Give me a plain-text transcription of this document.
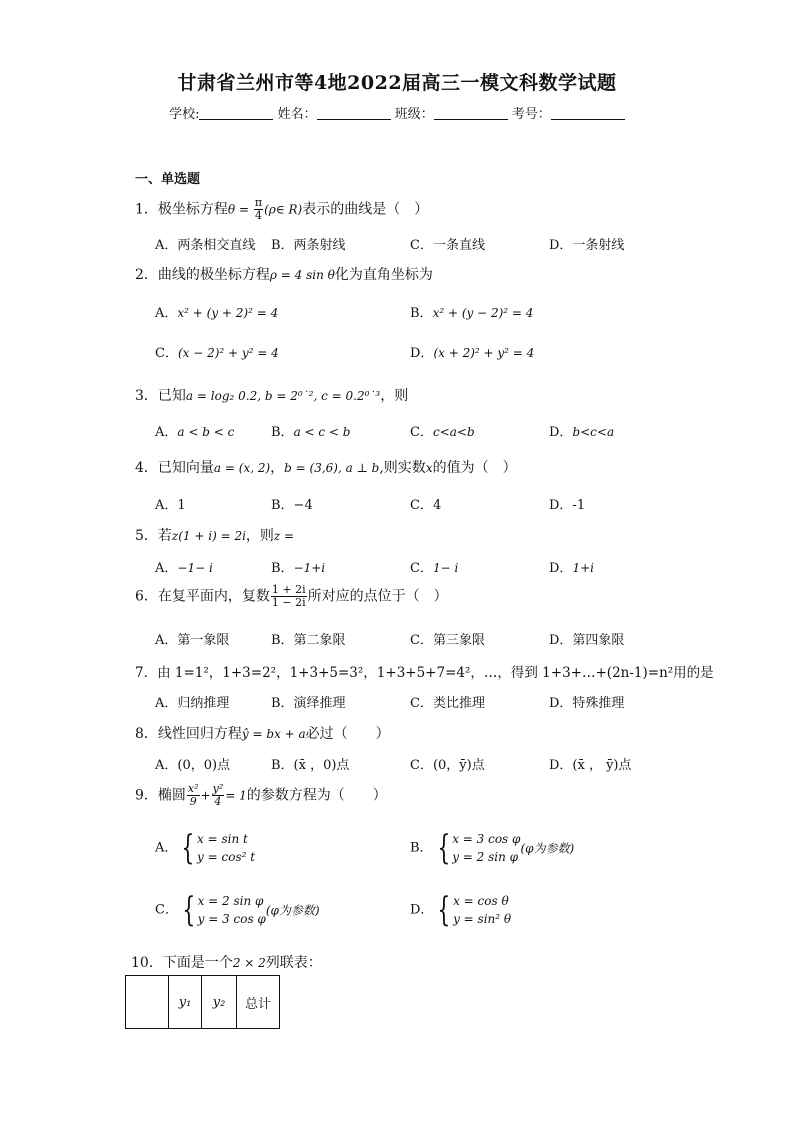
甘肃省兰州市等4地2022届高三一模文科数学试题
学校:	姓名：	班级：	考号：
一、单选题
1．极坐标方程$\theta = \frac{\pi}{4}$ (ρ∈ R)表示的曲线是（　）
A．两条相交直线 B．两条射线	C．一条直线	D．一条射线
2．曲线的极坐标方程ρ = 4 sin θ化为直角坐标为
A．x² + (y + 2)² = 4	B．x² + (y − 2)² = 4
C．(x − 2)² + y² = 4	D．(x + 2)² + y² = 4
3．已知a = log₂ 0.2, b = 2⁰˙², c = 0.2⁰˙³，则
A．a < b < c	B．a < c < b	C．c<a<b	D．b<c<a
4．已知向量a = (x, 2)，b = (3,6), a ⊥ b,则实数x的值为（　）
A．1	B．−4	C．4	D．-1
5．若z(1 + i) = 2i，则z =
A．−1− i	B．−1+i	C．1− i	D．1+i
6．在复平面内，复数 $\frac{1 + 2i}{1 - 2i}$ 所对应的点位于（　）
A．第一象限	B．第二象限	C．第三象限	D．第四象限
7．由 1=1²，1+3=2²，1+3+5=3²，1+3+5+7=4²，…，得到 1+3+…+(2n-1)=n²用的是
A．归纳推理	B．演绎推理	C．类比推理	D．特殊推理
8．线性回归方程ŷ = bx + a必过（　　）
A．(0，0)点	B．(x̄ ，0)点	C．(0，ȳ)点	D．(x̄ ， ȳ)点
9．椭圆 $\frac{\text{x²}}{9} + \frac{\text{y²}}{4} = 1$的参数方程为（　　）
A． { x = sin t
y = cos² t
B． { x = 3 cos φ
y = 2 sin φ
(φ为参数)
C． { x = 2 sin φ
y = 3 cos φ
(φ为参数)	D． { x = cos θ
y = sin² θ
10．下面是一个2 × 2列联表：
	y₁	y₂	总计
